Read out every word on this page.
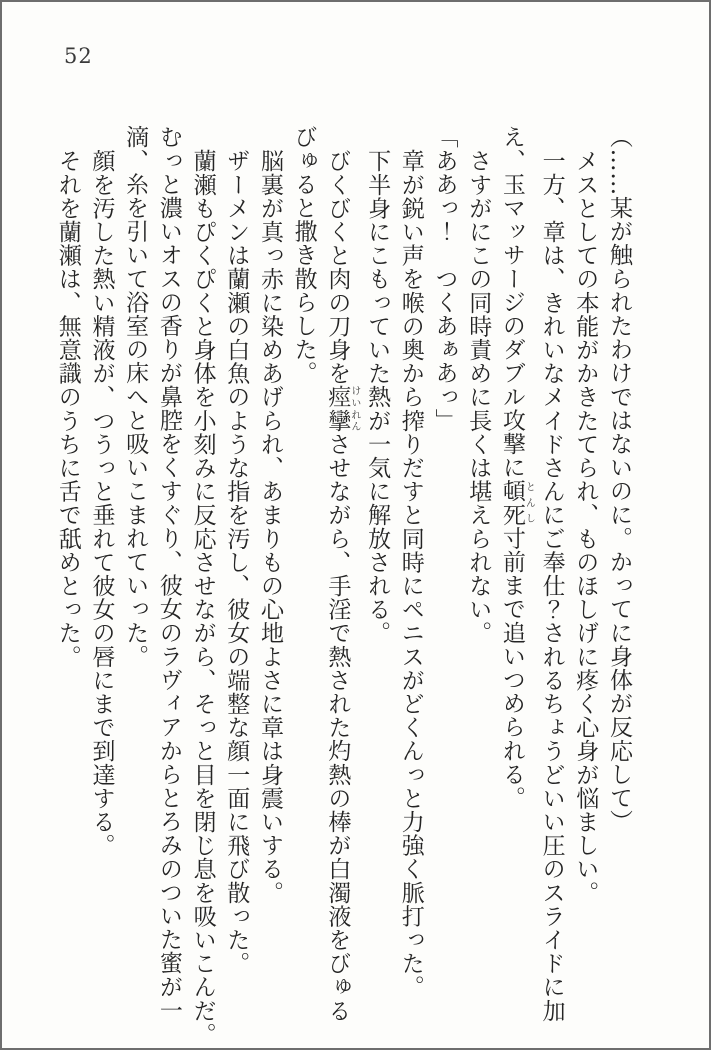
52
（……某が触られたわけではないのに。かってに身体が反応して）
メスとしての本能がかきたてられ、ものほしげに疼く心身が悩ましい。
一方、章は、きれいなメイドさんにご奉仕？されるちょうどいい圧のスライドに加
え、玉マッサージのダブル攻撃に頓死とんし寸前まで追いつめられる。
さすがにこの同時責めに長くは堪えられない。
「ああっ！　つくあぁあっ」
章が鋭い声を喉の奥から搾りだすと同時にペニスがどくんっと力強く脈打った。
下半身にこもっていた熱が一気に解放される。
びくびくと肉の刀身を痙攣けいれんさせながら、手淫で熱された灼熱の棒が白濁液をびゅる
びゅると撒き散らした。
脳裏が真っ赤に染めあげられ、あまりもの心地よさに章は身震いする。
ザーメンは蘭瀬の白魚のような指を汚し、彼女の端整な顔一面に飛び散った。
蘭瀬もぴくぴくと身体を小刻みに反応させながら、そっと目を閉じ息を吸いこんだ。
むっと濃いオスの香りが鼻腔をくすぐり、彼女のラヴィアからとろみのついた蜜が一
滴、糸を引いて浴室の床へと吸いこまれていった。
顔を汚した熱い精液が、つうっと垂れて彼女の唇にまで到達する。
それを蘭瀬は、無意識のうちに舌で舐めとった。
